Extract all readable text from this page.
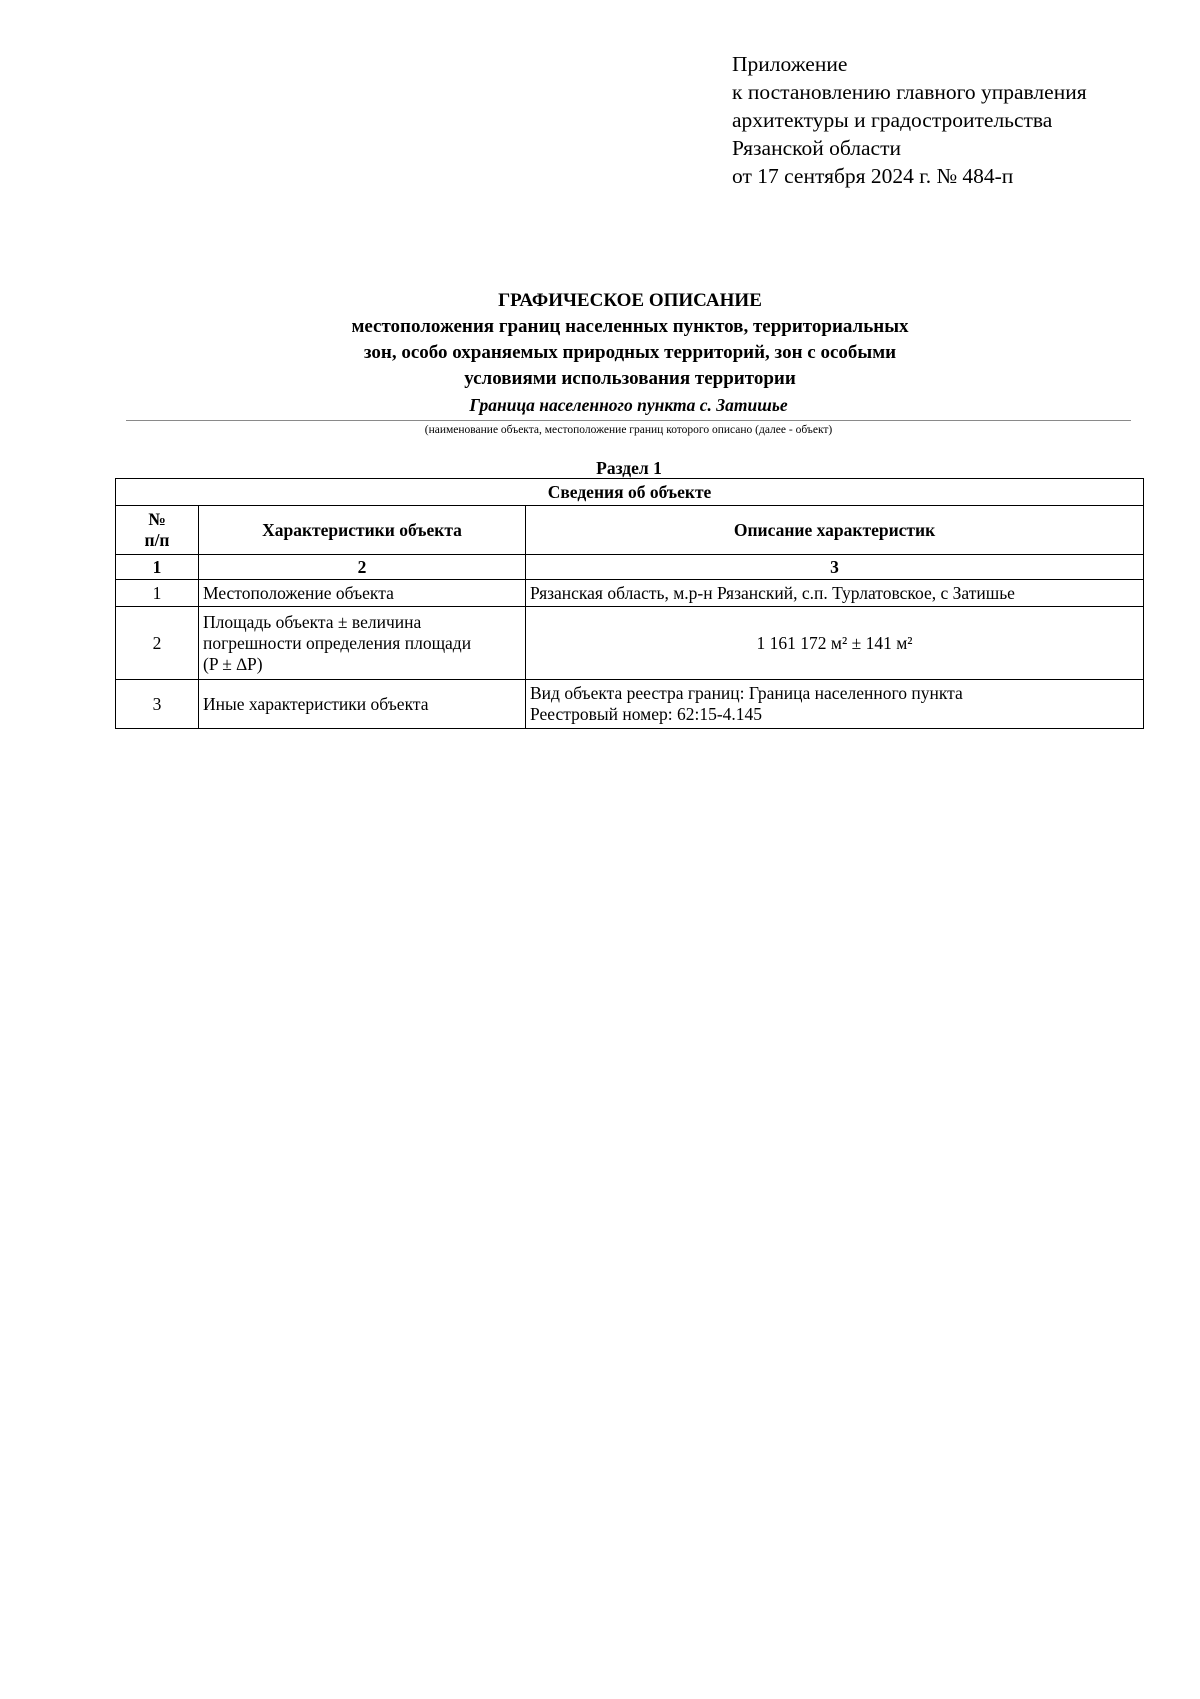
Приложение
к постановлению главного управления
архитектуры и градостроительства
Рязанской области
от 17 сентября 2024 г. № 484-п
ГРАФИЧЕСКОЕ ОПИСАНИЕ
местоположения границ населенных пунктов, территориальных
зон, особо охраняемых природных территорий, зон с особыми
условиями использования территории
Граница населенного пункта с. Затишье
(наименование объекта, местоположение границ которого описано (далее - объект)
Раздел 1
Сведения об объекте		

№
п/п	Характеристики объекта	Описание характеристик
1	2	3
1	Местоположение объекта	Рязанская область, м.р-н Рязанский, с.п. Турлатовское, с Затишье

2	Площадь объекта ± величина
погрешности определения площади
(P ± ∆P)	1 161 172 м² ± 141 м²

3	Иные характеристики объекта	Вид объекта реестра границ: Граница населенного пункта
Реестровый номер: 62:15-4.145
